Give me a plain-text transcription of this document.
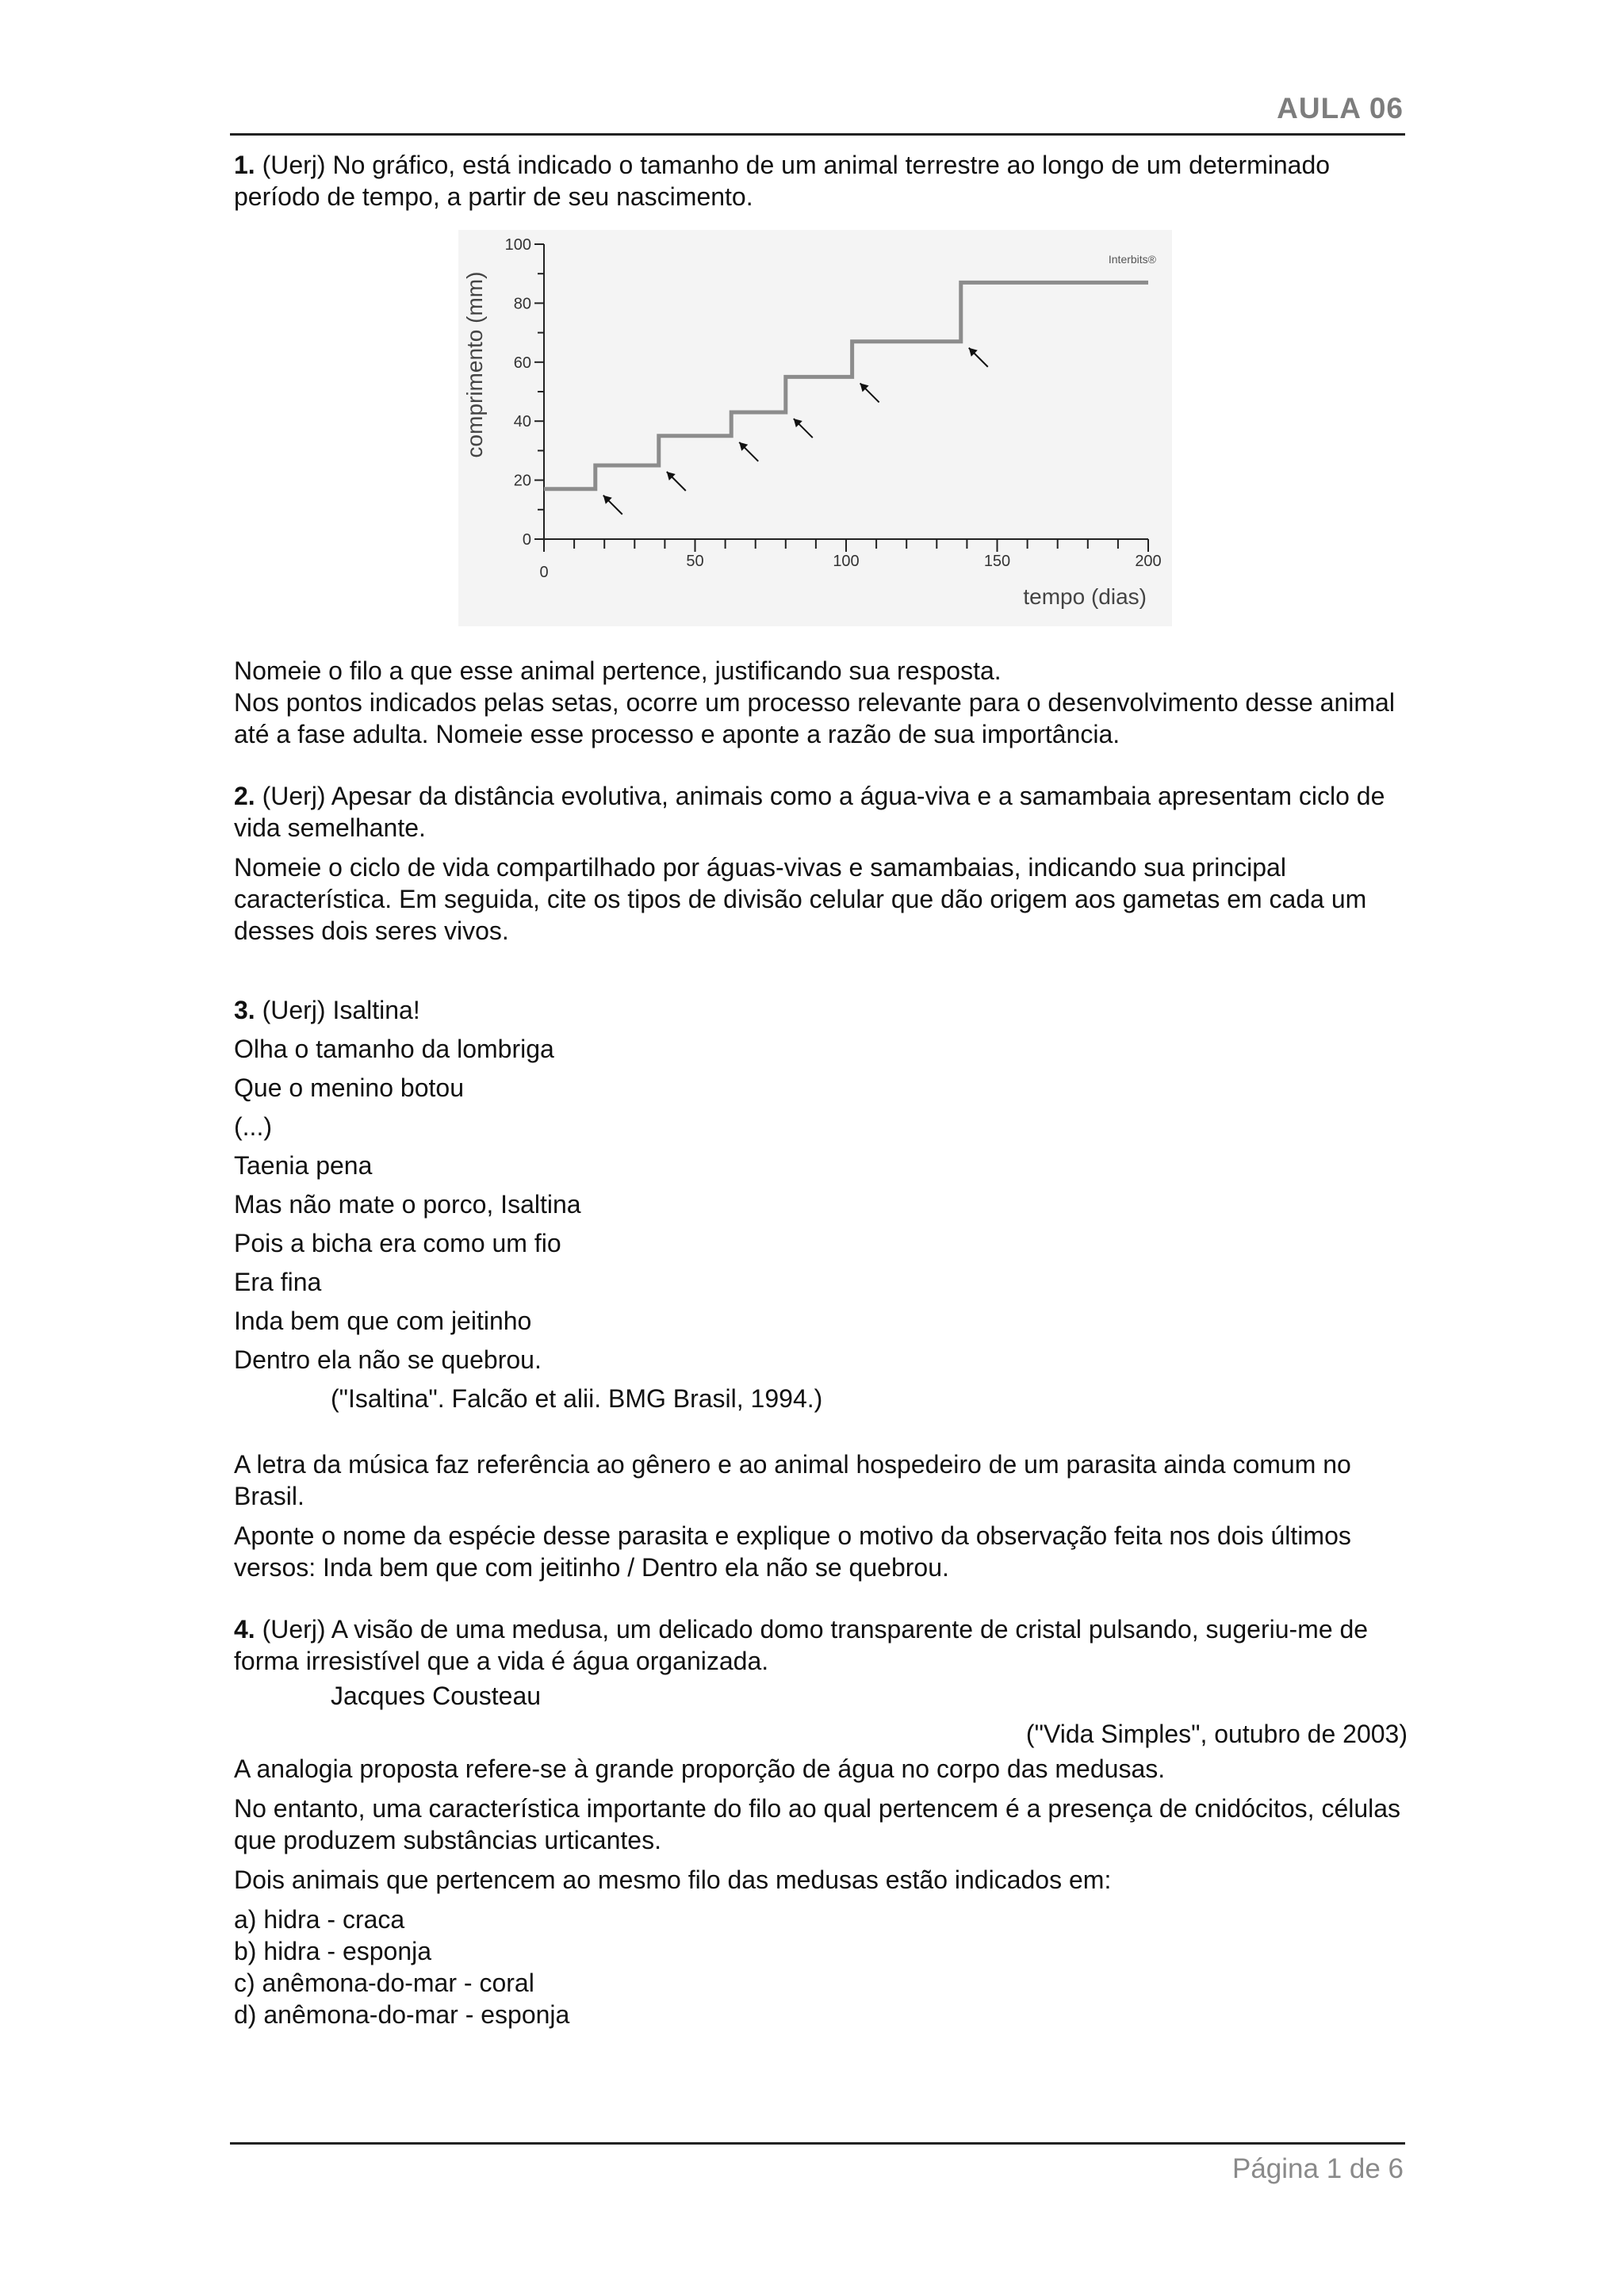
AULA 06

1. (Uerj) No gráfico, está indicado o tamanho de um animal terrestre ao longo de um determinado período de tempo, a partir de seu nascimento.

Interbits®
comprimento (mm)
tempo (dias)
0
20
40
60
80
100
0
50	100	150	200

Nomeie o filo a que esse animal pertence, justificando sua resposta.

Nos pontos indicados pelas setas, ocorre um processo relevante para o desenvolvimento desse animal até a fase adulta. Nomeie esse processo e aponte a razão de sua importância.

2. (Uerj) Apesar da distância evolutiva, animais como a água-viva e a samambaia apresentam ciclo de vida semelhante.

Nomeie o ciclo de vida compartilhado por águas-vivas e samambaias, indicando sua principal característica. Em seguida, cite os tipos de divisão celular que dão origem aos gametas em cada um desses dois seres vivos.

3. (Uerj) Isaltina!

Olha o tamanho da lombriga

Que o menino botou

(...)

Taenia pena

Mas não mate o porco, Isaltina

Pois a bicha era como um fio

Era fina

Inda bem que com jeitinho

Dentro ela não se quebrou.

("Isaltina". Falcão et alii. BMG Brasil, 1994.)

A letra da música faz referência ao gênero e ao animal hospedeiro de um parasita ainda comum no Brasil.

Aponte o nome da espécie desse parasita e explique o motivo da observação feita nos dois últimos versos: Inda bem que com jeitinho / Dentro ela não se quebrou.

4. (Uerj) A visão de uma medusa, um delicado domo transparente de cristal pulsando, sugeriu-me de forma irresistível que a vida é água organizada.

Jacques Cousteau

("Vida Simples", outubro de 2003)

A analogia proposta refere-se à grande proporção de água no corpo das medusas.

No entanto, uma característica importante do filo ao qual pertencem é a presença de cnidócitos, células que produzem substâncias urticantes.

Dois animais que pertencem ao mesmo filo das medusas estão indicados em:

a) hidra - craca

b) hidra - esponja

c) anêmona-do-mar - coral

d) anêmona-do-mar - esponja

Página 1 de 6
